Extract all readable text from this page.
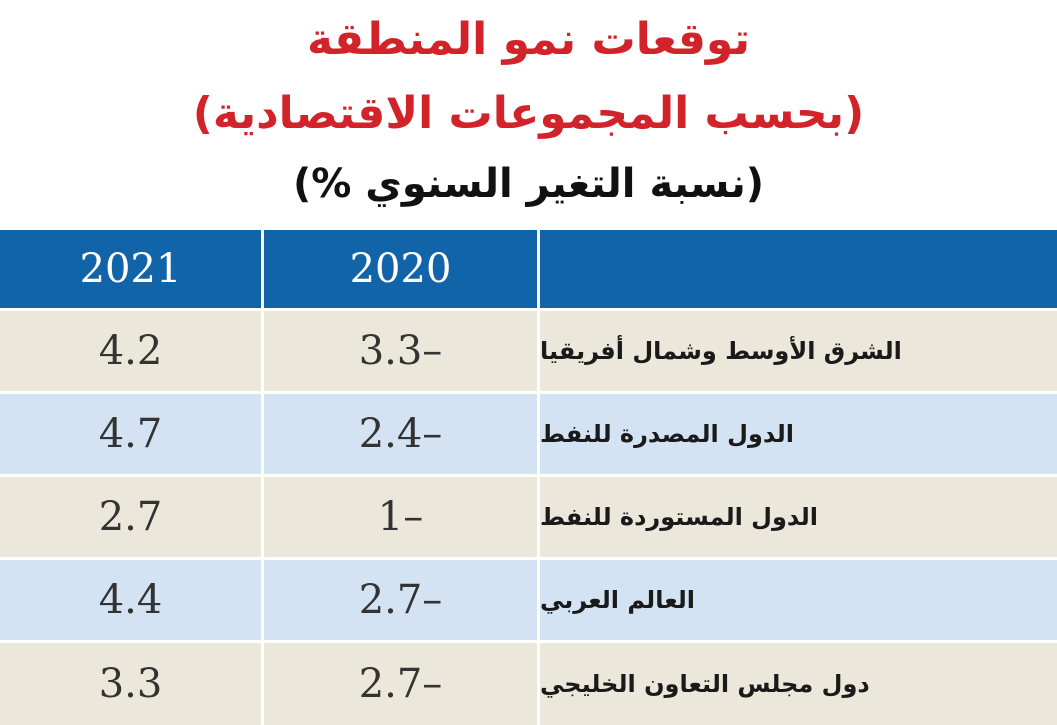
توقعات نمو المنطقة
(بحسب المجموعات الاقتصادية)
(نسبة التغير السنوي %)
2021	2020
4.2	3.3–	الشرق الأوسط وشمال أفريقيا
4.7	2.4–	الدول المصدرة للنفط
2.7	1–	الدول المستوردة للنفط
4.4	2.7–	العالم العربي
3.3	2.7–	دول مجلس التعاون الخليجي
